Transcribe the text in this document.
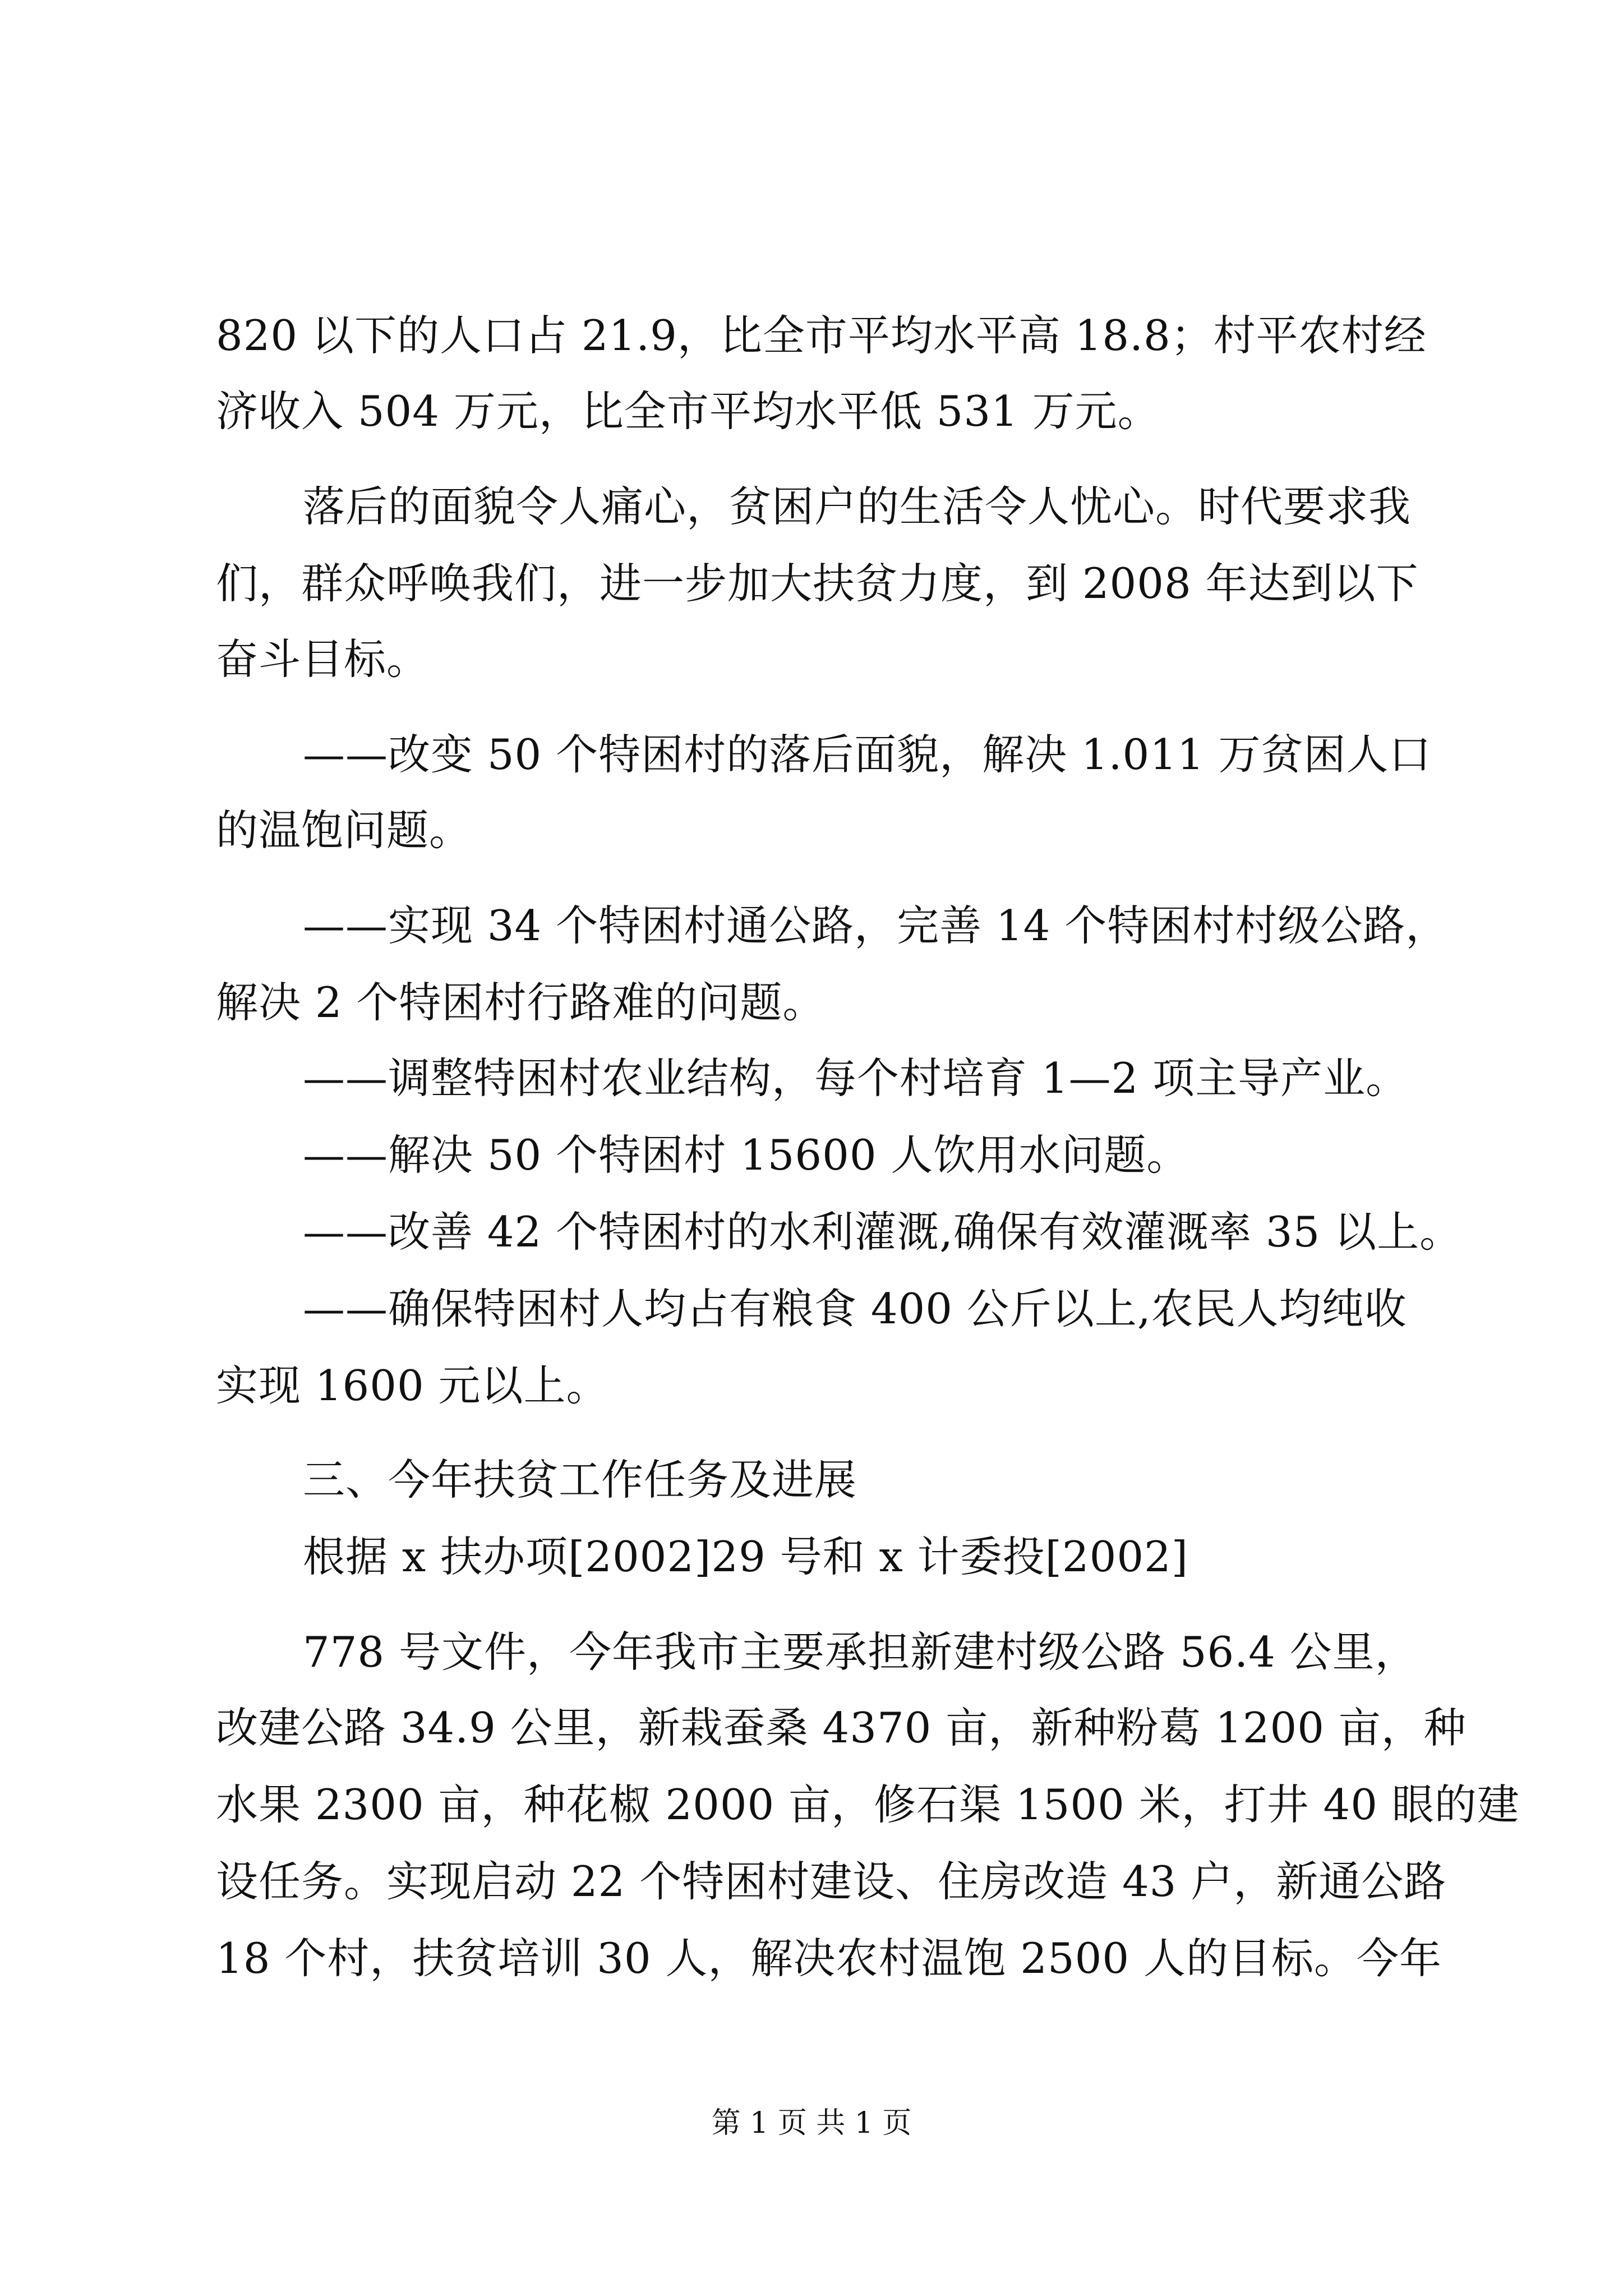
820 以下的人口占 21.9，比全市平均水平高 18.8；村平农村经
济收入 504 万元，比全市平均水平低 531 万元。
落后的面貌令人痛心，贫困户的生活令人忧心。时代要求我
们，群众呼唤我们，进一步加大扶贫力度，到 2008 年达到以下
奋斗目标。
——改变 50 个特困村的落后面貌，解决 1.011 万贫困人口
的温饱问题。
——实现 34 个特困村通公路，完善 14 个特困村村级公路，
解决 2 个特困村行路难的问题。
——调整特困村农业结构，每个村培育 1—2 项主导产业。
——解决 50 个特困村 15600 人饮用水问题。
——改善 42 个特困村的水利灌溉,确保有效灌溉率 35 以上。
——确保特困村人均占有粮食 400 公斤以上,农民人均纯收
实现 1600 元以上。
三、今年扶贫工作任务及进展
根据 x 扶办项[2002]29 号和 x 计委投[2002]
778 号文件，今年我市主要承担新建村级公路 56.4 公里，
改建公路 34.9 公里，新栽蚕桑 4370 亩，新种粉葛 1200 亩，种
水果 2300 亩，种花椒 2000 亩，修石渠 1500 米，打井 40 眼的建
设任务。实现启动 22 个特困村建设、住房改造 43 户，新通公路
18 个村，扶贫培训 30 人，解决农村温饱 2500 人的目标。今年
第 1 页 共 1 页
